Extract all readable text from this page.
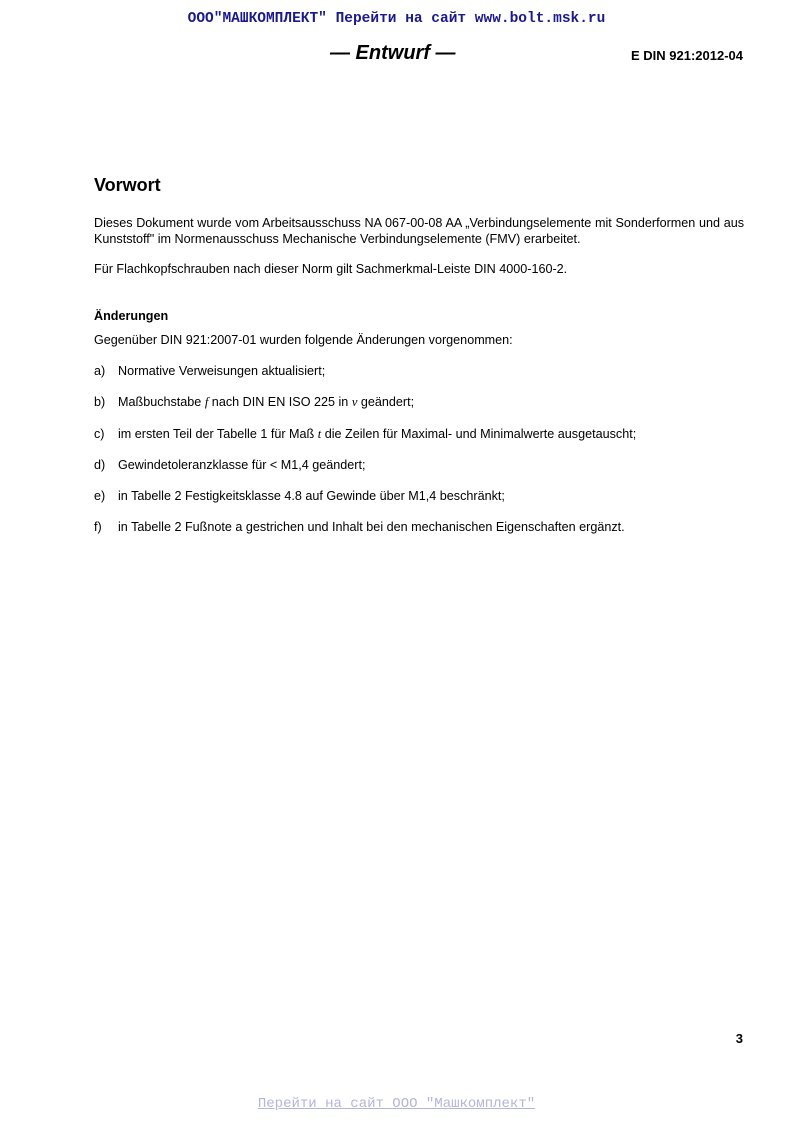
ООО"МАШКОМПЛЕКТ" Перейти на сайт www.bolt.msk.ru
— Entwurf —	E DIN 921:2012-04
Vorwort

Dieses Dokument wurde vom Arbeitsausschuss NA 067-00-08 AA „Verbindungselemente mit Sonderformen und aus Kunststoff" im Normenausschuss Mechanische Verbindungselemente (FMV) erarbeitet.

Für Flachkopfschrauben nach dieser Norm gilt Sachmerkmal-Leiste DIN 4000-160-2.

Änderungen

Gegenüber DIN 921:2007-01 wurden folgende Änderungen vorgenommen:

a) Normative Verweisungen aktualisiert;
b) Maßbuchstabe f nach DIN EN ISO 225 in v geändert;
c) im ersten Teil der Tabelle 1 für Maß t die Zeilen für Maximal- und Minimalwerte ausgetauscht;
d) Gewindetoleranzklasse für < M1,4 geändert;
e) in Tabelle 2 Festigkeitsklasse 4.8 auf Gewinde über M1,4 beschränkt;
f) in Tabelle 2 Fußnote a gestrichen und Inhalt bei den mechanischen Eigenschaften ergänzt.
3
Перейти на сайт ООО "Машкомплект"
